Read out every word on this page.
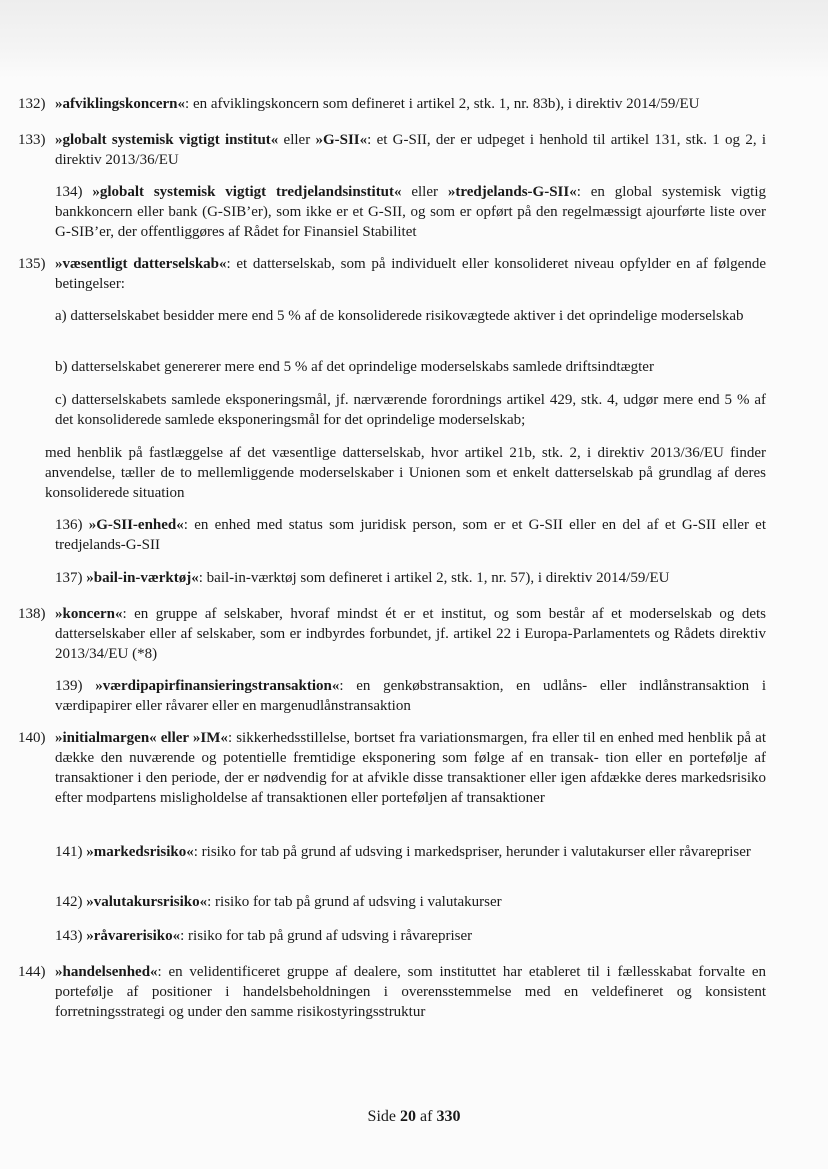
132) »afviklingskoncern«: en afviklingskoncern som defineret i artikel 2, stk. 1, nr. 83b), i direktiv 2014/59/EU
133) »globalt systemisk vigtigt institut« eller »G-SII«: et G-SII, der er udpeget i henhold til artikel 131, stk. 1 og 2, i direktiv 2013/36/EU
134) »globalt systemisk vigtigt tredjelandsinstitut« eller »tredjelands-G-SII«: en global systemisk vigtig bankkoncern eller bank (G-SIB’er), som ikke er et G-SII, og som er opført på den regelmæssigt ajourførte liste over G-SIB’er, der offentliggøres af Rådet for Finansiel Stabilitet
135) »væsentligt datterselskab«: et datterselskab, som på individuelt eller konsolideret niveau opfylder en af følgende betingelser:
a) datterselskabet besidder mere end 5 % af de konsoliderede risikovægtede aktiver i det oprindelige moderselskab
b) datterselskabet genererer mere end 5 % af det oprindelige moderselskabs samlede driftsindtægter
c) datterselskabets samlede eksponeringsmål, jf. nærværende forordnings artikel 429, stk. 4, udgør mere end 5 % af det konsoliderede samlede eksponeringsmål for det oprindelige moderselskab;
med henblik på fastlæggelse af det væsentlige datterselskab, hvor artikel 21b, stk. 2, i direktiv 2013/36/EU finder anvendelse, tæller de to mellemliggende moderselskaber i Unionen som et enkelt datterselskab på grundlag af deres konsoliderede situation
136) »G-SII-enhed«: en enhed med status som juridisk person, som er et G-SII eller en del af et G-SII eller et tredjelands-G-SII
137) »bail-in-værktøj«: bail-in-værktøj som defineret i artikel 2, stk. 1, nr. 57), i direktiv 2014/59/EU
138) »koncern«: en gruppe af selskaber, hvoraf mindst ét er et institut, og som består af et moderselskab og dets datterselskaber eller af selskaber, som er indbyrdes forbundet, jf. artikel 22 i Europa-Parlamentets og Rådets direktiv 2013/34/EU (*8)
139) »værdipapirfinansieringstransaktion«: en genkøbstransaktion, en udlåns- eller indlånstransaktion i værdipapirer eller råvarer eller en margenudlånstransaktion
140) »initialmargen« eller »IM«: sikkerhedsstillelse, bortset fra variationsmargen, fra eller til en enhed med henblik på at dække den nuværende og potentielle fremtidige eksponering som følge af en transak- tion eller en portefølje af transaktioner i den periode, der er nødvendig for at afvikle disse transaktioner eller igen afdække deres markedsrisiko efter modpartens misligholdelse af transaktionen eller porteføljen af transaktioner
141) »markedsrisiko«: risiko for tab på grund af udsving i markedspriser, herunder i valutakurser eller råvarepriser
142) »valutakursrisiko«: risiko for tab på grund af udsving i valutakurser
143) »råvarerisiko«: risiko for tab på grund af udsving i råvarepriser
144) »handelsenhed«: en velidentificeret gruppe af dealere, som instituttet har etableret til i fællesskabat forvalte en portefølje af positioner i handelsbeholdningen i overensstemmelse med en veldefineret og konsistent forretningsstrategi og under den samme risikostyringsstruktur
Side 20 af 330
